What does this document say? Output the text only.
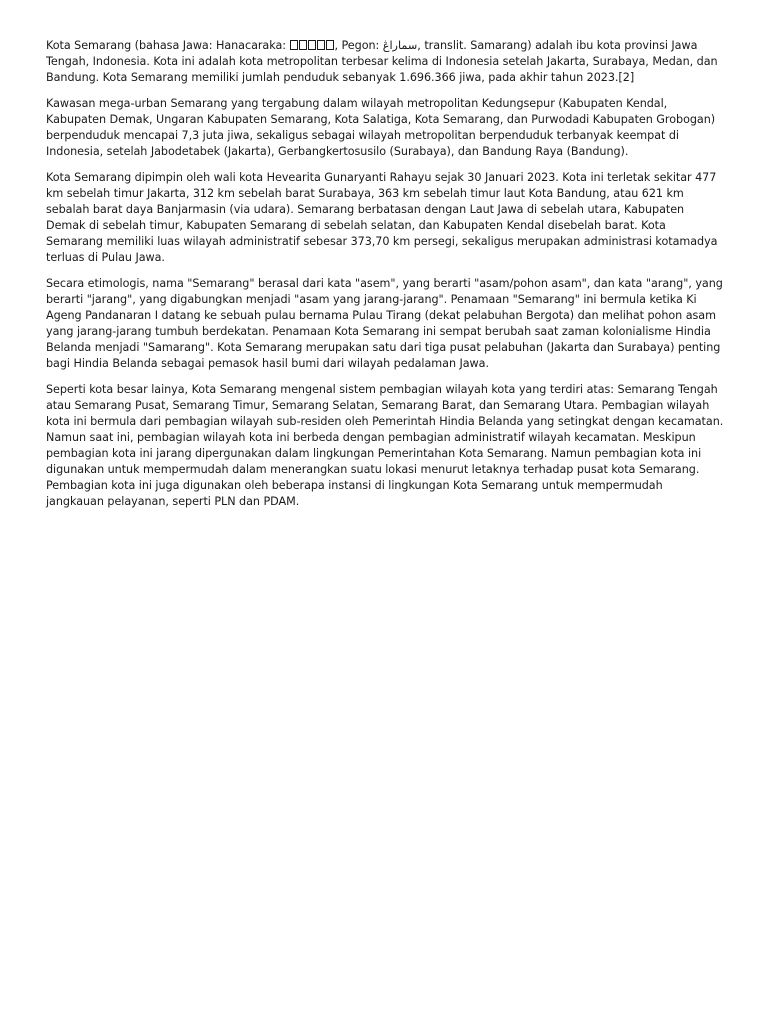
Kota Semarang (bahasa Jawa: Hanacaraka:	, Pegon: سماراڠ, translit. Samarang) adalah ibu kota provinsi Jawa Tengah, Indonesia. Kota ini adalah kota metropolitan terbesar kelima di Indonesia setelah Jakarta, Surabaya, Medan, dan Bandung. Kota Semarang memiliki jumlah penduduk sebanyak 1.696.366 jiwa, pada akhir tahun 2023.[2]

Kawasan mega-urban Semarang yang tergabung dalam wilayah metropolitan Kedungsepur (Kabupaten Kendal, Kabupaten Demak, Ungaran Kabupaten Semarang, Kota Salatiga, Kota Semarang, dan Purwodadi Kabupaten Grobogan) berpenduduk mencapai 7,3 juta jiwa, sekaligus sebagai wilayah metropolitan berpenduduk terbanyak keempat di Indonesia, setelah Jabodetabek (Jakarta), Gerbangkertosusilo (Surabaya), dan Bandung Raya (Bandung).

Kota Semarang dipimpin oleh wali kota Hevearita Gunaryanti Rahayu sejak 30 Januari 2023. Kota ini terletak sekitar 477 km sebelah timur Jakarta, 312 km sebelah barat Surabaya, 363 km sebelah timur laut Kota Bandung, atau 621 km sebalah barat daya Banjarmasin (via udara). Semarang berbatasan dengan Laut Jawa di sebelah utara, Kabupaten Demak di sebelah timur, Kabupaten Semarang di sebelah selatan, dan Kabupaten Kendal disebelah barat. Kota Semarang memiliki luas wilayah administratif sebesar 373,70 km persegi, sekaligus merupakan administrasi kotamadya terluas di Pulau Jawa.

Secara etimologis, nama "Semarang" berasal dari kata "asem", yang berarti "asam/pohon asam", dan kata "arang", yang berarti "jarang", yang digabungkan menjadi "asam yang jarang-jarang". Penamaan "Semarang" ini bermula ketika Ki Ageng Pandanaran I datang ke sebuah pulau bernama Pulau Tirang (dekat pelabuhan Bergota) dan melihat pohon asam yang jarang-jarang tumbuh berdekatan. Penamaan Kota Semarang ini sempat berubah saat zaman kolonialisme Hindia Belanda menjadi "Samarang". Kota Semarang merupakan satu dari tiga pusat pelabuhan (Jakarta dan Surabaya) penting bagi Hindia Belanda sebagai pemasok hasil bumi dari wilayah pedalaman Jawa.

Seperti kota besar lainya, Kota Semarang mengenal sistem pembagian wilayah kota yang terdiri atas: Semarang Tengah atau Semarang Pusat, Semarang Timur, Semarang Selatan, Semarang Barat, dan Semarang Utara. Pembagian wilayah kota ini bermula dari pembagian wilayah sub-residen oleh Pemerintah Hindia Belanda yang setingkat dengan kecamatan. Namun saat ini, pembagian wilayah kota ini berbeda dengan pembagian administratif wilayah kecamatan. Meskipun pembagian kota ini jarang dipergunakan dalam lingkungan Pemerintahan Kota Semarang. Namun pembagian kota ini digunakan untuk mempermudah dalam menerangkan suatu lokasi menurut letaknya terhadap pusat kota Semarang. Pembagian kota ini juga digunakan oleh beberapa instansi di lingkungan Kota Semarang untuk mempermudah jangkauan pelayanan, seperti PLN dan PDAM.
